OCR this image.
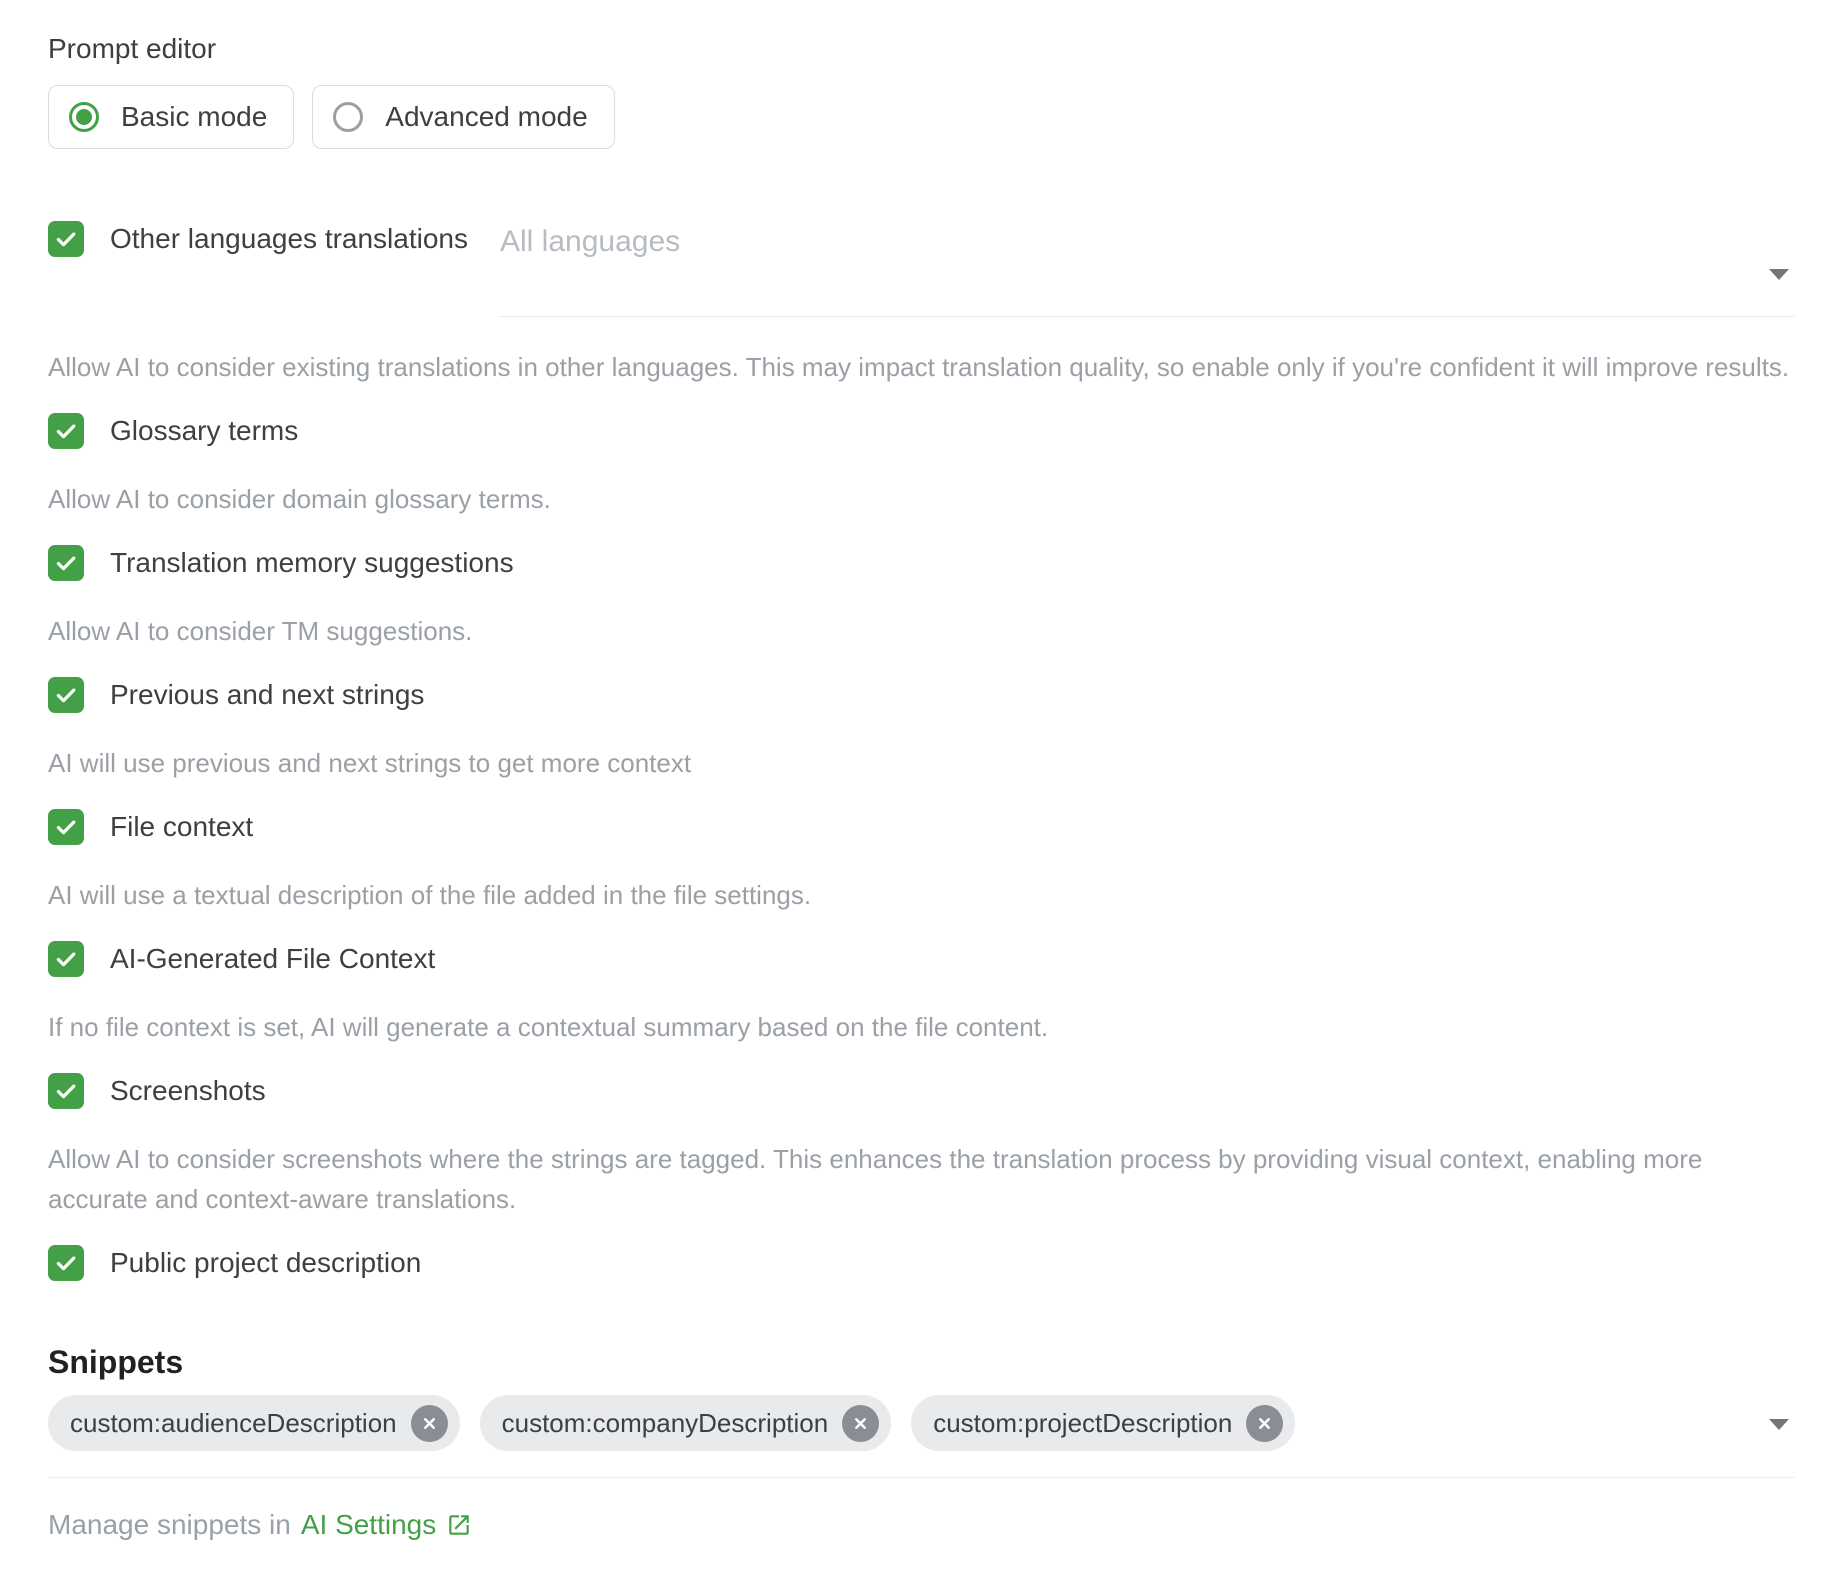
Prompt editor
Basic mode	Advanced mode
Other languages translations All languages
Allow AI to consider existing translations in other languages. This may impact translation quality, so enable only if you're confident it will improve results.
Glossary terms
Allow AI to consider domain glossary terms.
Translation memory suggestions
Allow AI to consider TM suggestions.
Previous and next strings
AI will use previous and next strings to get more context
File context
AI will use a textual description of the file added in the file settings.
AI-Generated File Context
If no file context is set, AI will generate a contextual summary based on the file content.
Screenshots
Allow AI to consider screenshots where the strings are tagged. This enhances the translation process by providing visual context, enabling more accurate and context-aware translations.
Public project description
Snippets
custom:audienceDescription	custom:companyDescription	custom:projectDescription
Manage snippets in AI Settings
